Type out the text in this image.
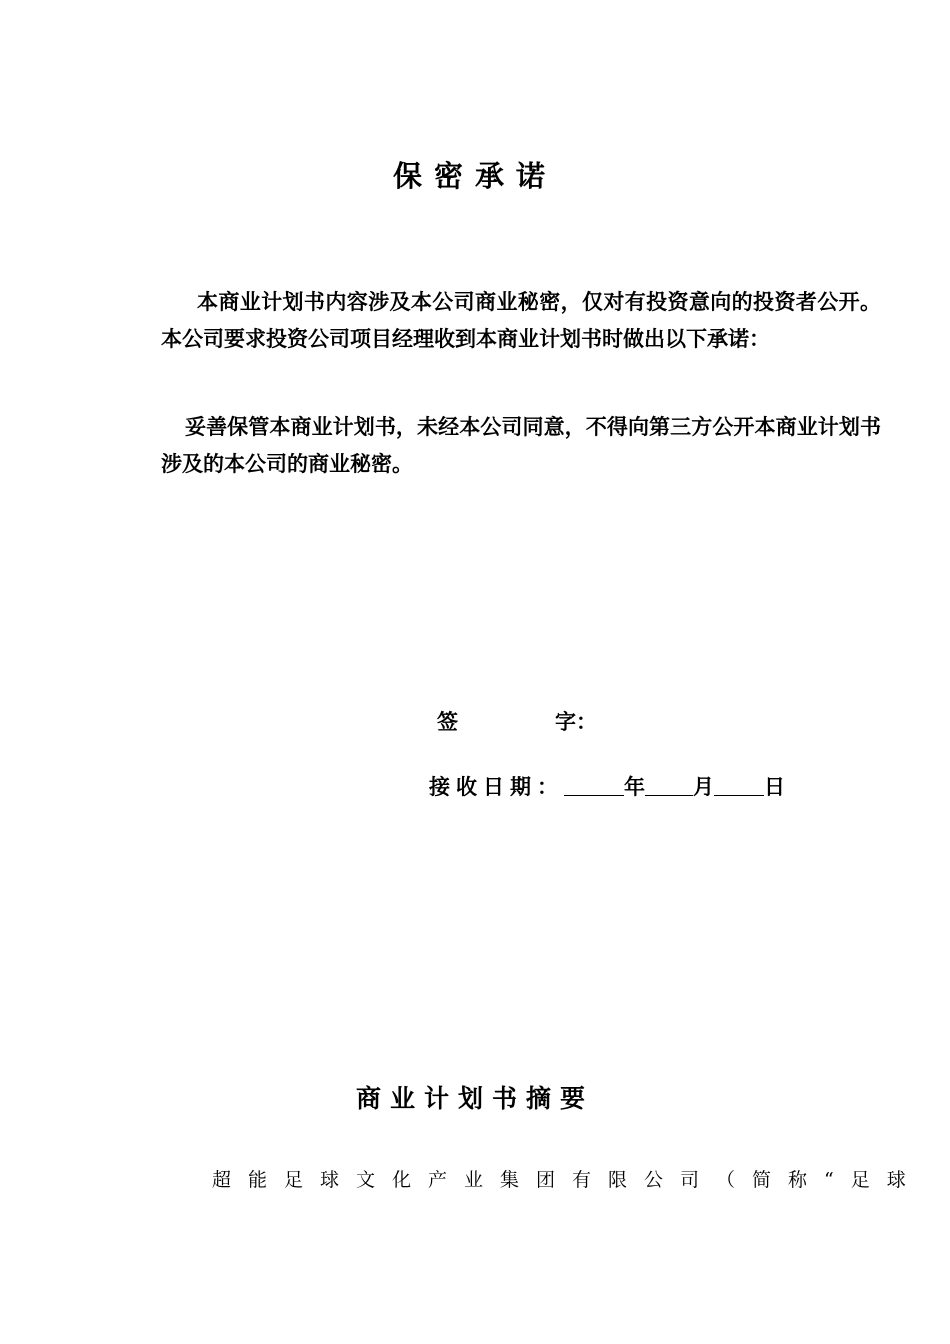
保密承诺

本商业计划书内容涉及本公司商业秘密，仅对有投资意向的投资者公开。本公司要求投资公司项目经理收到本商业计划书时做出以下承诺：

妥善保管本商业计划书，未经本公司同意，不得向第三方公开本商业计划书涉及的本公司的商业秘密。

签	字：
接收日期：	年 月 日
商业计划书摘要
超能足球文化产业集团有限公司（简称“足球
